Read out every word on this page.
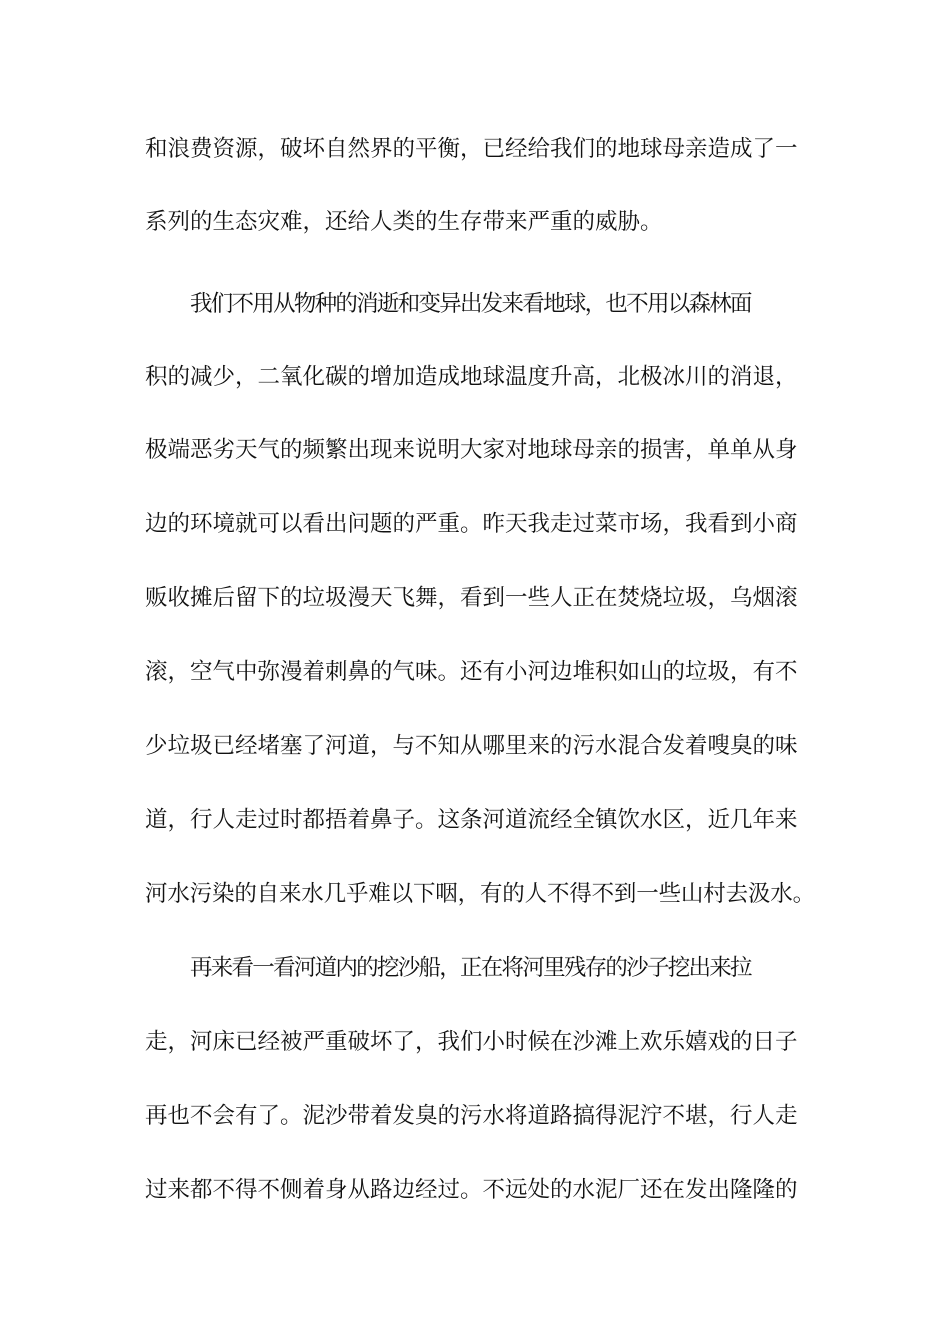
和浪费资源，破坏自然界的平衡，已经给我们的地球母亲造成了一

系列的生态灾难，还给人类的生存带来严重的威胁。

我们不用从物种的消逝和变异出发来看地球，也不用以森林面

积的减少，二氧化碳的增加造成地球温度升高，北极冰川的消退，

极端恶劣天气的频繁出现来说明大家对地球母亲的损害，单单从身

边的环境就可以看出问题的严重。昨天我走过菜市场，我看到小商

贩收摊后留下的垃圾漫天飞舞，看到一些人正在焚烧垃圾，乌烟滚

滚，空气中弥漫着刺鼻的气味。还有小河边堆积如山的垃圾，有不

少垃圾已经堵塞了河道，与不知从哪里来的污水混合发着嗖臭的味

道，行人走过时都捂着鼻子。这条河道流经全镇饮水区，近几年来

河水污染的自来水几乎难以下咽，有的人不得不到一些山村去汲水。

再来看一看河道内的挖沙船，正在将河里残存的沙子挖出来拉

走，河床已经被严重破坏了，我们小时候在沙滩上欢乐嬉戏的日子

再也不会有了。泥沙带着发臭的污水将道路搞得泥泞不堪，行人走

过来都不得不侧着身从路边经过。不远处的水泥厂还在发出隆隆的
